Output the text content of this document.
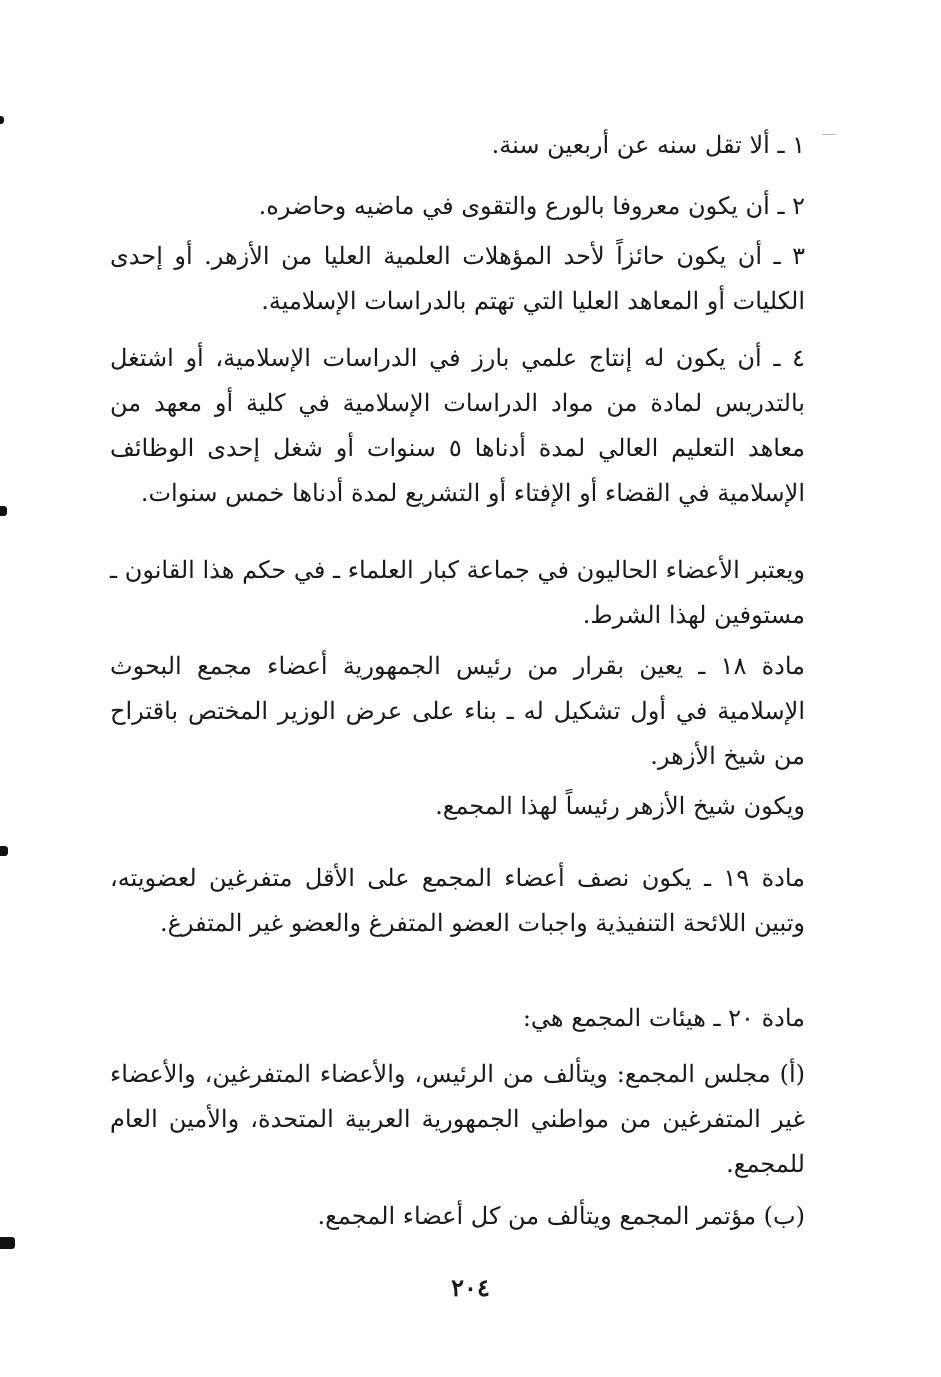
١ ـ ألا تقل سنه عن أربعين سنة.

٢ ـ أن يكون معروفا بالورع والتقوى في ماضيه وحاضره.

٣ ـ أن يكون حائزاً لأحد المؤهلات العلمية العليا من الأزهر. أو إحدى الكليات أو المعاهد العليا التي تهتم بالدراسات الإسلامية.

٤ ـ أن يكون له إنتاج علمي بارز في الدراسات الإسلامية، أو اشتغل بالتدريس لمادة من مواد الدراسات الإسلامية في كلية أو معهد من معاهد التعليم العالي لمدة أدناها ٥ سنوات أو شغل إحدى الوظائف الإسلامية في القضاء أو الإفتاء أو التشريع لمدة أدناها خمس سنوات.

ويعتبر الأعضاء الحاليون في جماعة كبار العلماء ـ في حكم هذا القانون ـ مستوفين لهذا الشرط.

مادة ١٨ ـ يعين بقرار من رئيس الجمهورية أعضاء مجمع البحوث الإسلامية في أول تشكيل له ـ بناء على عرض الوزير المختص باقتراح من شيخ الأزهر.

ويكون شيخ الأزهر رئيساً لهذا المجمع.

مادة ١٩ ـ يكون نصف أعضاء المجمع على الأقل متفرغين لعضويته، وتبين اللائحة التنفيذية واجبات العضو المتفرغ والعضو غير المتفرغ.

مادة ٢٠ ـ هيئات المجمع هي:

(أ) مجلس المجمع: ويتألف من الرئيس، والأعضاء المتفرغين، والأعضاء غير المتفرغين من مواطني الجمهورية العربية المتحدة، والأمين العام للمجمع.

(ب) مؤتمر المجمع ويتألف من كل أعضاء المجمع.

٢٠٤
